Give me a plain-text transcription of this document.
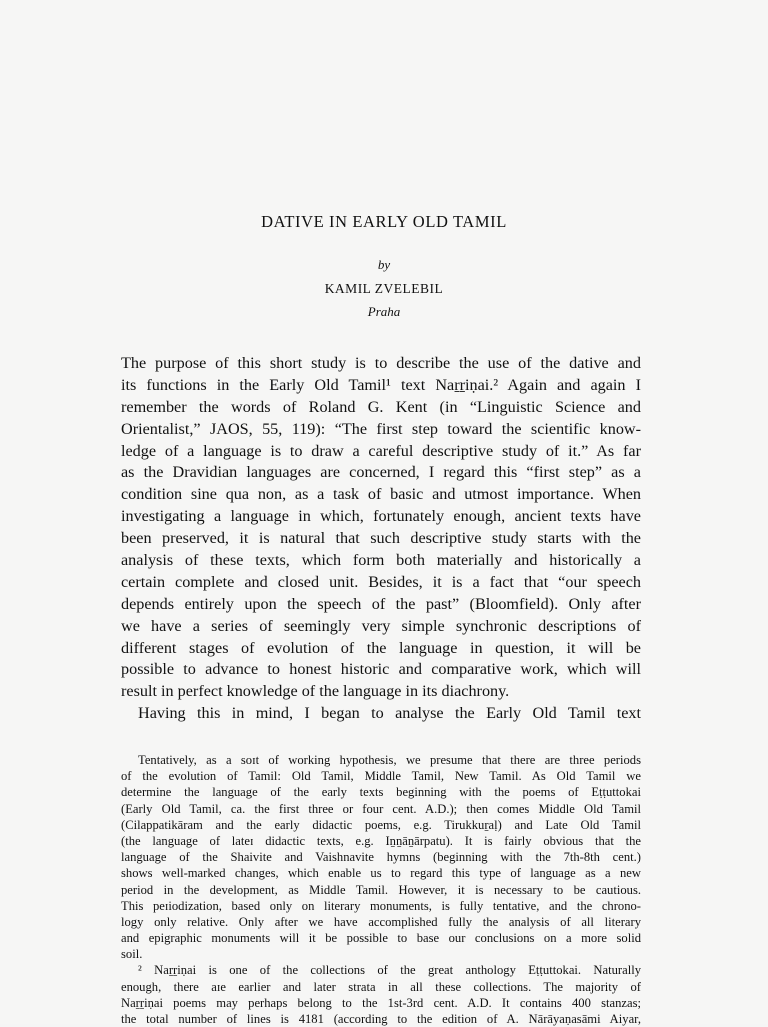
DATIVE IN EARLY OLD TAMIL
by
KAMIL ZVELEBIL
Praha
The purpose of this short study is to describe the use of the dative and
its functions in the Early Old Tamil¹ text Naṟṟiṇai.² Again and again I
remember the words of Roland G. Kent (in “Linguistic Science and
Orientalist,” JAOS, 55, 119): “The first step toward the scientific know-
ledge of a language is to draw a careful descriptive study of it.” As far
as the Dravidian languages are concerned, I regard this “first step” as a
condition sine qua non, as a task of basic and utmost importance. When
investigating a language in which, fortunately enough, ancient texts have
been preserved, it is natural that such descriptive study starts with the
analysis of these texts, which form both materially and historically a
certain complete and closed unit. Besides, it is a fact that “our speech
depends entirely upon the speech of the past” (Bloomfield). Only after
we have a series of seemingly very simple synchronic descriptions of
different stages of evolution of the language in question, it will be
possible to advance to honest historic and comparative work, which will
result in perfect knowledge of the language in its diachrony.
Having this in mind, I began to analyse the Early Old Tamil text
Tentatively, as a soɪt of working hypothesis, we presume that there are three periods
of the evolution of Tamil: Old Tamil, Middle Tamil, New Tamil. As Old Tamil we
determine the language of the early texts beginning with the poems of Eṭṭuttokai
(Early Old Tamil, ca. the first three or four cent. A.D.); then comes Middle Old Tamil
(Cilappatikāram and the early didactic poems, e.g. Tirukkuṟaḷ) and Late Old Tamil
(the language of lateɪ didactic texts, e.g. Iṉṉāṉārpatu). It is fairly obvious that the
language of the Shaivite and Vaishnavite hymns (beginning with the 7th-8th cent.)
shows well-marked changes, which enable us to regard this type of language as a new
period in the development, as Middle Tamil. However, it is necessary to be cautious.
This peɪiodization, based only on literary monuments, is fully tentative, and the chrono-
logy only relative. Only after we have accomplished fully the analysis of all literary
and epigraphic monuments will it be possible to base our conclusions on a more solid
soil.
² Naṟṟiṇai is one of the collections of the great anthology Eṭṭuttokai. Naturally
enough, there aɪe earlier and later strata in all these collections. The majority of
Naṟṟiṇai poems may perhaps belong to the 1st-3rd cent. A.D. It contains 400 stanzas;
the total number of lines is 4181 (according to the edition of A. Nārāyaṇasāmi Aiyar,
